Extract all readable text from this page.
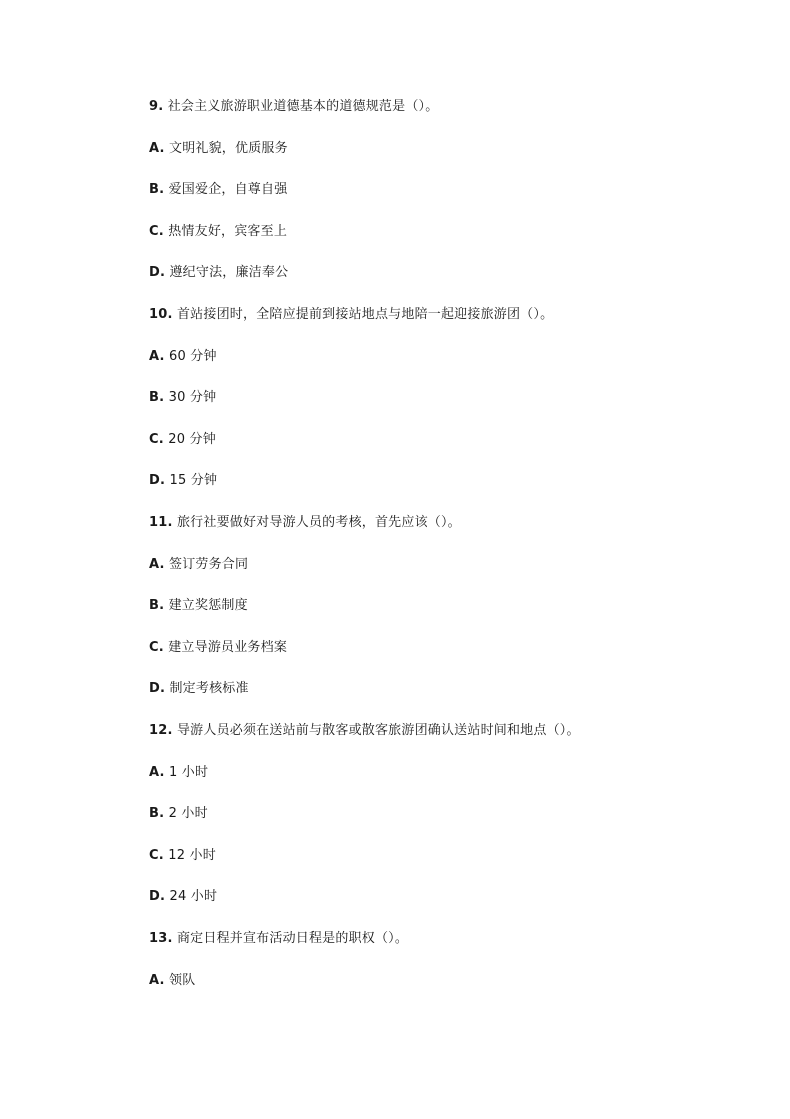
9. 社会主义旅游职业道德基本的道德规范是（）。
A. 文明礼貌，优质服务
B. 爱国爱企，自尊自强
C. 热情友好，宾客至上
D. 遵纪守法，廉洁奉公
10. 首站接团时，全陪应提前到接站地点与地陪一起迎接旅游团（）。
A. 60 分钟
B. 30 分钟
C. 20 分钟
D. 15 分钟
11. 旅行社要做好对导游人员的考核，首先应该（）。
A. 签订劳务合同
B. 建立奖惩制度
C. 建立导游员业务档案
D. 制定考核标准
12. 导游人员必须在送站前与散客或散客旅游团确认送站时间和地点（）。
A. 1 小时
B. 2 小时
C. 12 小时
D. 24 小时
13. 商定日程并宣布活动日程是的职权（）。
A. 领队
